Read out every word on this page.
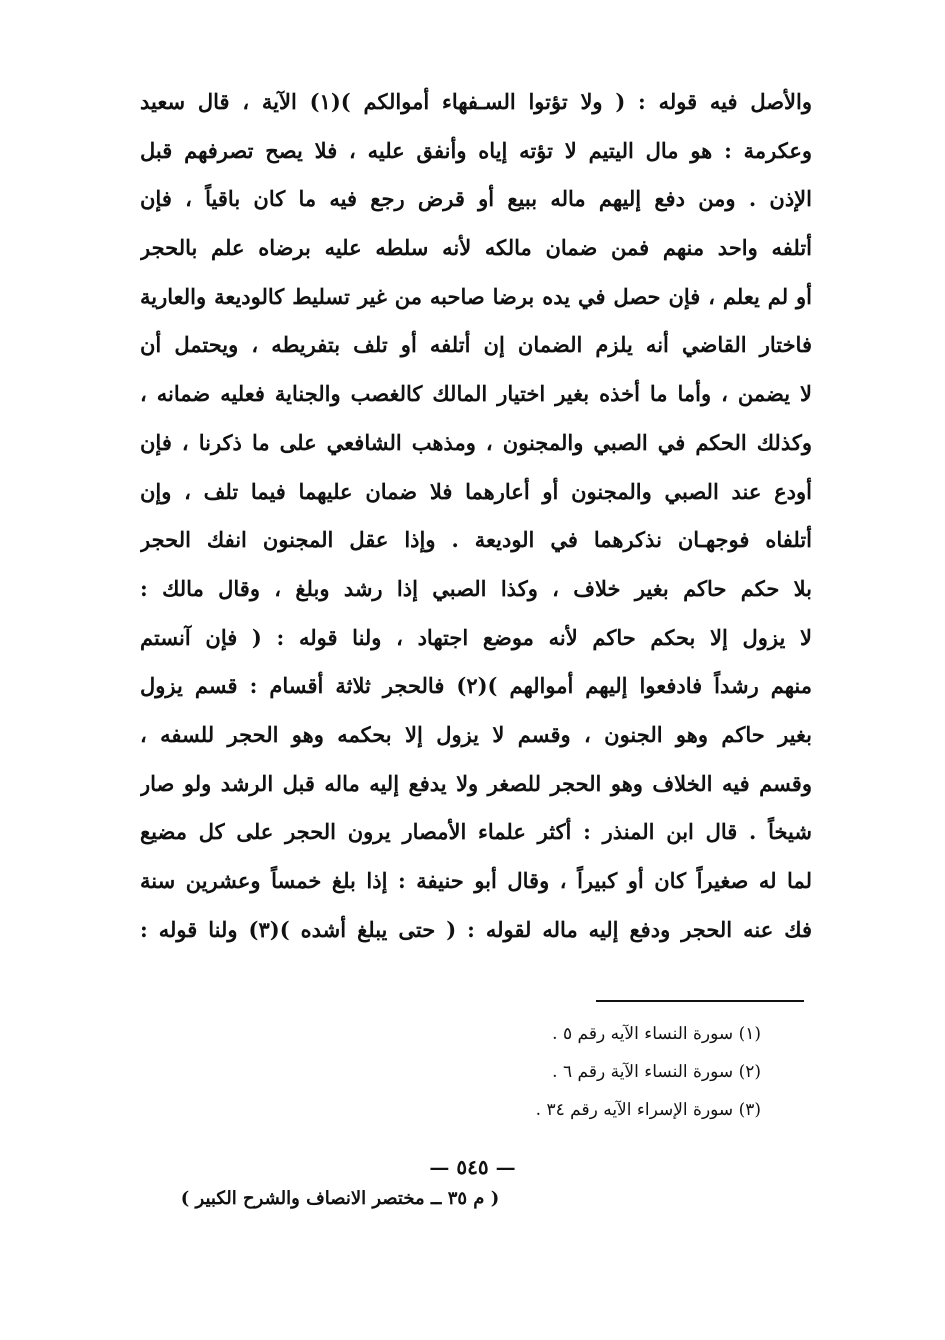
والأصل فيه قوله : ( ولا تؤتوا السـفهاء أموالكم )(١) الآية ، قال سعيد
وعكرمة : هو مال اليتيم لا تؤته إياه وأنفق عليه ، فلا يصح تصرفهم قبل
الإذن . ومن دفع إليهم ماله ببيع أو قرض رجع فيه ما كان باقياً ، فإن
أتلفه واحد منهم فمن ضمان مالكه لأنه سلطه عليه برضاه علم بالحجر
أو لم يعلم ، فإن حصل في يده برضا صاحبه من غير تسليط كالوديعة والعارية
فاختار القاضي أنه يلزم الضمان إن أتلفه أو تلف بتفريطه ، ويحتمل أن
لا يضمن ، وأما ما أخذه بغير اختيار المالك كالغصب والجناية فعليه ضمانه ،
وكذلك الحكم في الصبي والمجنون ، ومذهب الشافعي على ما ذكرنا ، فإن
أودع عند الصبي والمجنون أو أعارهما فلا ضمان عليهما فيما تلف ، وإن
أتلفاه فوجهـان نذكرهما في الوديعة . وإذا عقل المجنون انفك الحجر
بلا حكم حاكم بغير خلاف ، وكذا الصبي إذا رشد وبلغ ، وقال مالك :
لا يزول إلا بحكم حاكم لأنه موضع اجتهاد ، ولنا قوله : ( فإن آنستم
منهم رشداً فادفعوا إليهم أموالهم )(٢) فالحجر ثلاثة أقسام : قسم يزول
بغير حاكم وهو الجنون ، وقسم لا يزول إلا بحكمه وهو الحجر للسفه ،
وقسم فيه الخلاف وهو الحجر للصغر ولا يدفع إليه ماله قبل الرشد ولو صار
شيخاً . قال ابن المنذر : أكثر علماء الأمصار يرون الحجر على كل مضيع
لما له صغيراً كان أو كبيراً ، وقال أبو حنيفة : إذا بلغ خمساً وعشرين سنة
فك عنه الحجر ودفع إليه ماله لقوله : ( حتى يبلغ أشده )(٣) ولنا قوله :
(١) سورة النساء الآيه رقم ٥ .
(٢) سورة النساء الآية رقم ٦ .
(٣) سورة الإسراء الآيه رقم ٣٤ .
— ٥٤٥ —
( م ٣٥ ــ مختصر الانصاف والشرح الكبير )
